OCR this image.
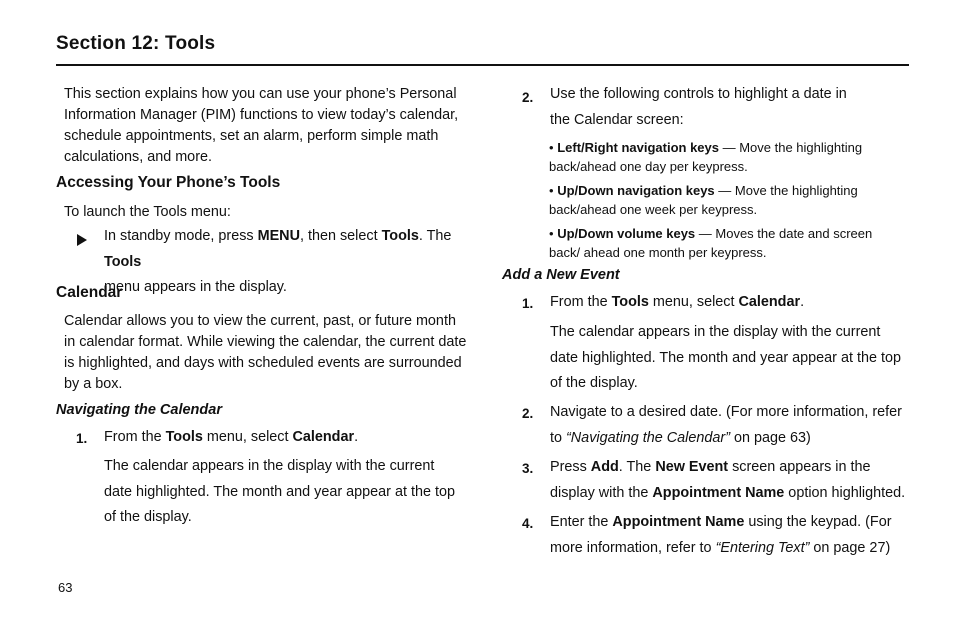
Section 12: Tools

This section explains how you can use your phone’s Personal Information Manager (PIM) functions to view today’s calendar, schedule appointments, set an alarm, perform simple math calculations, and more.

Accessing Your Phone’s Tools

To launch the Tools menu:

In standby mode, press MENU, then select Tools. The Tools
menu appears in the display.
Calendar

Calendar allows you to view the current, past, or future month in calendar format. While viewing the calendar, the current date is highlighted, and days with scheduled events are surrounded by a box.

Navigating the Calendar
1. From the Tools menu, select Calendar.
The calendar appears in the display with the current date highlighted. The month and year appear at the top of the display.
2. Use the following controls to highlight a date in the Calendar screen:
• Left/Right navigation keys — Move the highlighting back/ahead one day per keypress.
• Up/Down navigation keys — Move the highlighting back/ahead one week per keypress.
• Up/Down volume keys — Moves the date and screen back/ ahead one month per keypress.
Add a New Event
1. From the Tools menu, select Calendar.
The calendar appears in the display with the current date highlighted. The month and year appear at the top of the display.
2. Navigate to a desired date. (For more information, refer to “Navigating the Calendar” on page 63)
3. Press Add. The New Event screen appears in the display with the Appointment Name option highlighted.
4. Enter the Appointment Name using the keypad. (For more information, refer to “Entering Text” on page 27)
63
